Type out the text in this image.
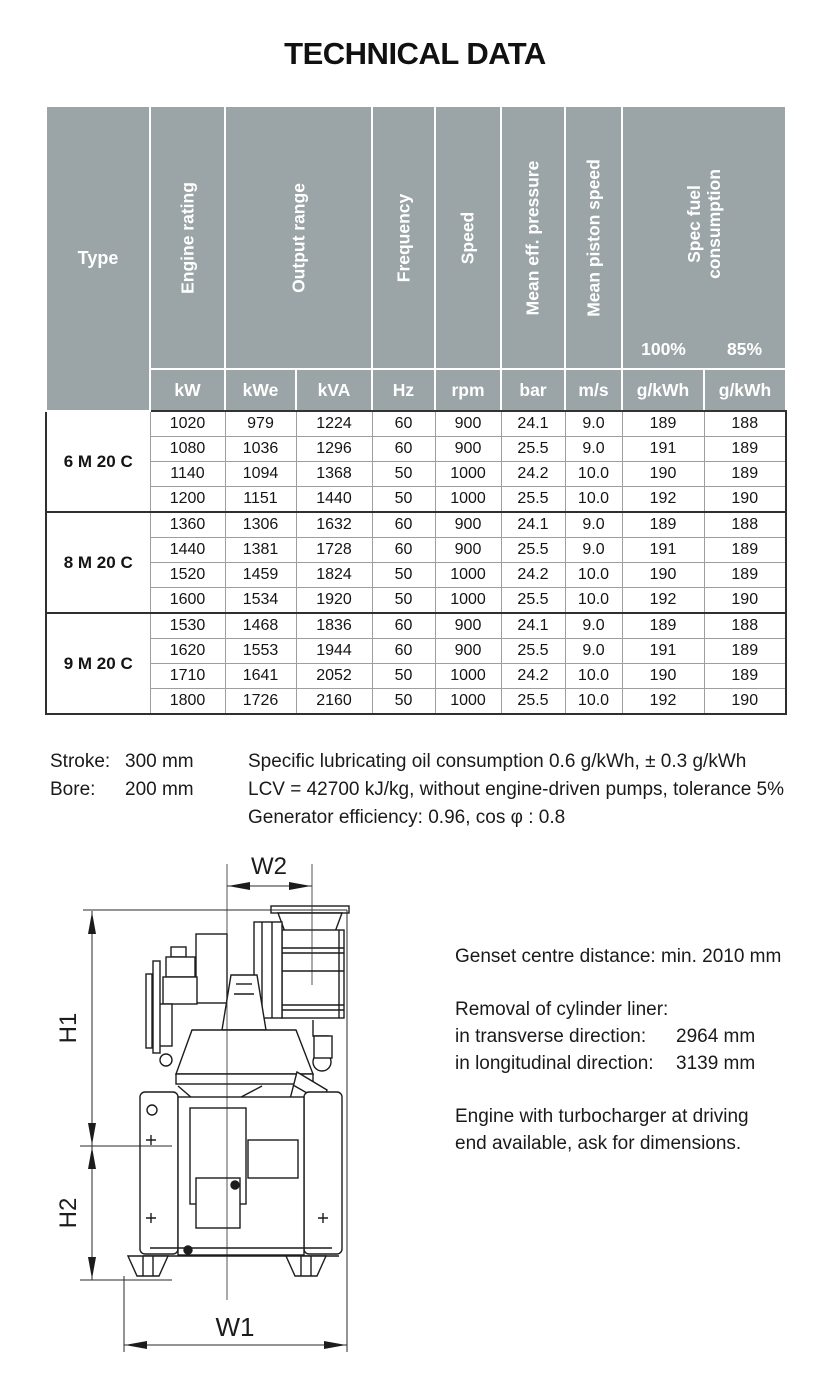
TECHNICAL DATA
Type	Engine rating	Output range		Frequency	Speed	Mean eff. pressure	Mean piston speed	Spec fuel consumption
100% 85%	

	kW	kWe	kVA	Hz	rpm	bar	m/s	g/kWh	g/kWh
6 M 20 C	1020	979	1224	60	900	24.1	9.0	189	188
	1080	1036	1296	60	900	25.5	9.0	191	189
	1140	1094	1368	50	1000	24.2	10.0	190	189
	1200	1151	1440	50	1000	25.5	10.0	192	190
8 M 20 C	1360	1306	1632	60	900	24.1	9.0	189	188
	1440	1381	1728	60	900	25.5	9.0	191	189
	1520	1459	1824	50	1000	24.2	10.0	190	189
	1600	1534	1920	50	1000	25.5	10.0	192	190
9 M 20 C	1530	1468	1836	60	900	24.1	9.0	189	188
	1620	1553	1944	60	900	25.5	9.0	191	189
	1710	1641	2052	50	1000	24.2	10.0	190	189
	1800	1726	2160	50	1000	25.5	10.0	192	190
Stroke: 300 mm
Bore: 200 mm
Specific lubricating oil consumption 0.6 g/kWh, ± 0.3 g/kWh
LCV = 42700 kJ/kg, without engine-driven pumps, tolerance 5%
Generator efficiency: 0.96, cos φ : 0.8
W2
H1
H2
W1
Genset centre distance: min. 2010 mm
Removal of cylinder liner:
in transverse direction: 2964 mm
in longitudinal direction: 3139 mm
Engine with turbocharger at driving
end available, ask for dimensions.
